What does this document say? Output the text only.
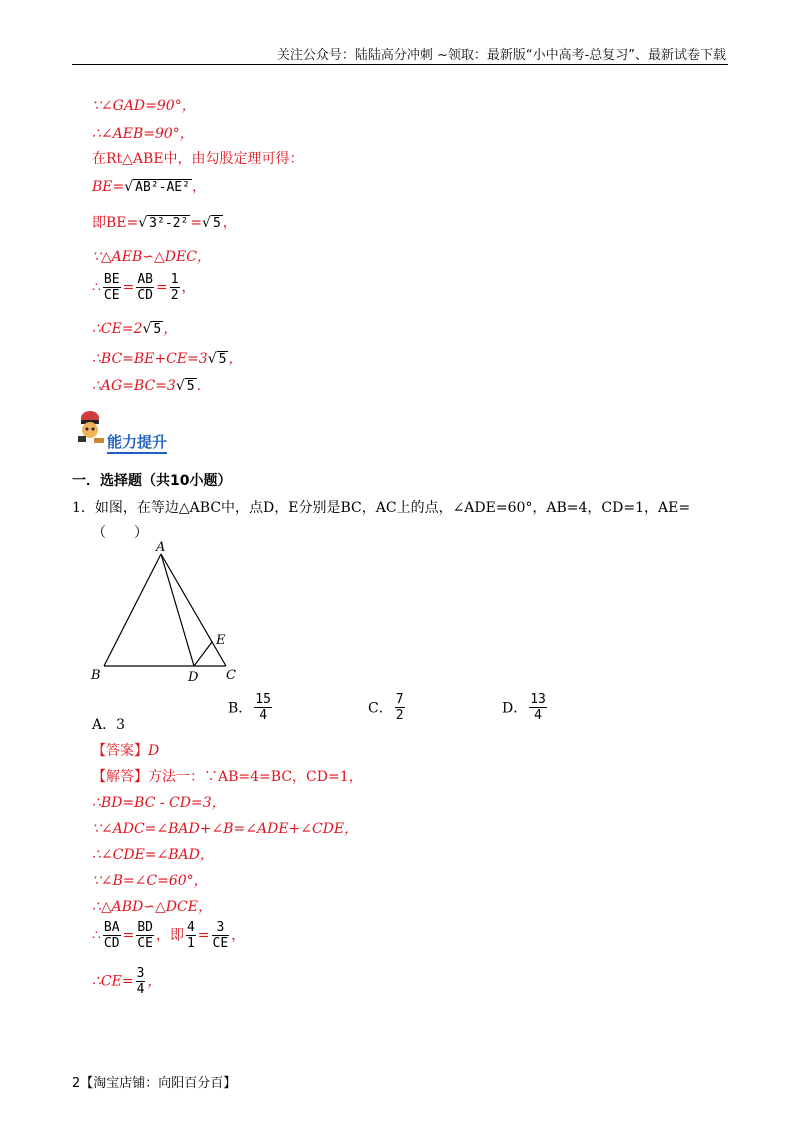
关注公众号：陆陆高分冲刺 ~领取：最新版“小中高考-总复习”、最新试卷下载
∵∠GAD=90°，
∴∠AEB=90°，
在Rt△ABE中，由勾股定理可得：
BE=√ AB²-AE² ，
即BE=√ 3²-2² =√ 5 ，
∵△AEB∽△DEC，
∴ $\frac{BE}{CE} = \frac{AB}{CD} = \frac{1}{2}$ ，
∴CE=2√ 5 ，
∴BC=BE+CE=3√ 5 ，
∴AG=BC=3√ 5 .
能力提升
一．选择题（共10小题）
1．如图，在等边△ABC中，点D，E分别是BC，AC上的点，∠ADE=60°，AB=4，CD=1，AE=
（　　）
A
B	C
D
E
A．3
B． $\frac{15}{4}$	C． $\frac{7}{2}$	D． $\frac{13}{4}$
【答案】D
【解答】方法一：∵AB=4=BC，CD=1，
∴BD=BC - CD=3，
∵∠ADC=∠BAD+∠B=∠ADE+∠CDE，
∴∠CDE=∠BAD，
∵∠B=∠C=60°，
∴△ABD∽△DCE，
∴ $\frac{BA}{CD} = \frac{BD}{CE}$ ，即 $\frac{4}{1} = \frac{3}{CE}$ ，
∴CE= $\frac{3}{4}$ ，
2【淘宝店铺：向阳百分百】
